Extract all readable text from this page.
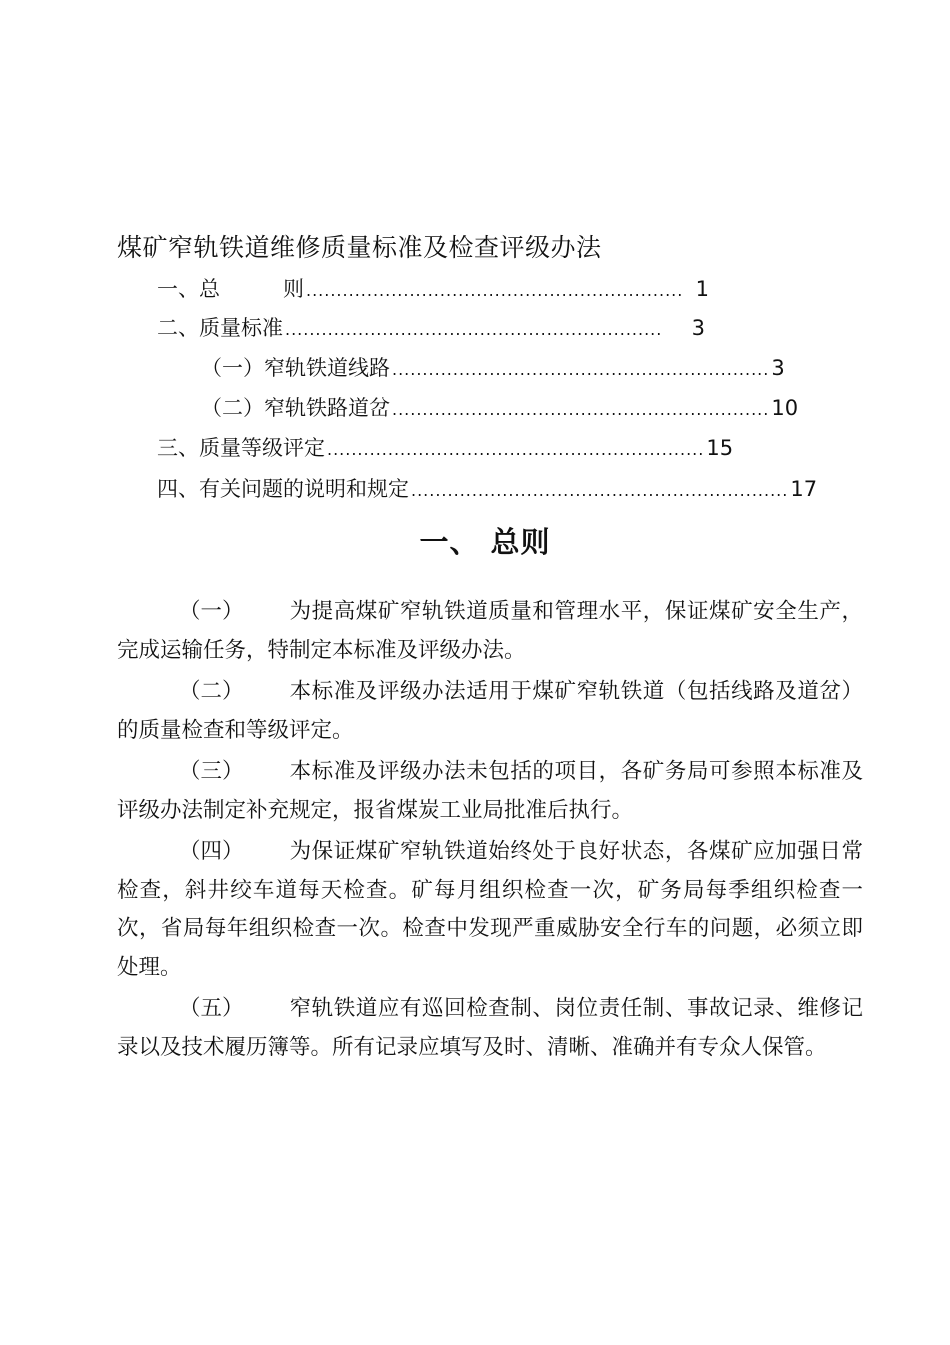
煤矿窄轨铁道维修质量标准及检查评级办法
一、总　　　则 .............................................................. 1
二、质量标准 ..............................................................	3
（一）窄轨铁道线路 .............................................................. 3
（二）窄轨铁路道岔 .............................................................. 10
三、质量等级评定 .............................................................. 15
四、有关问题的说明和规定 .............................................................. 17
一、 总则

（一） 为提高煤矿窄轨铁道质量和管理水平，保证煤矿安全生产，完成运输任务，特制定本标准及评级办法。

（二） 本标准及评级办法适用于煤矿窄轨铁道（包括线路及道岔）的质量检查和等级评定。

（三） 本标准及评级办法未包括的项目，各矿务局可参照本标准及评级办法制定补充规定，报省煤炭工业局批准后执行。

（四） 为保证煤矿窄轨铁道始终处于良好状态，各煤矿应加强日常检查，斜井绞车道每天检查。矿每月组织检查一次，矿务局每季组织检查一次，省局每年组织检查一次。检查中发现严重威胁安全行车的问题，必须立即处理。

（五） 窄轨铁道应有巡回检查制、岗位责任制、事故记录、维修记录以及技术履历簿等。所有记录应填写及时、清晰、准确并有专众人保管。
